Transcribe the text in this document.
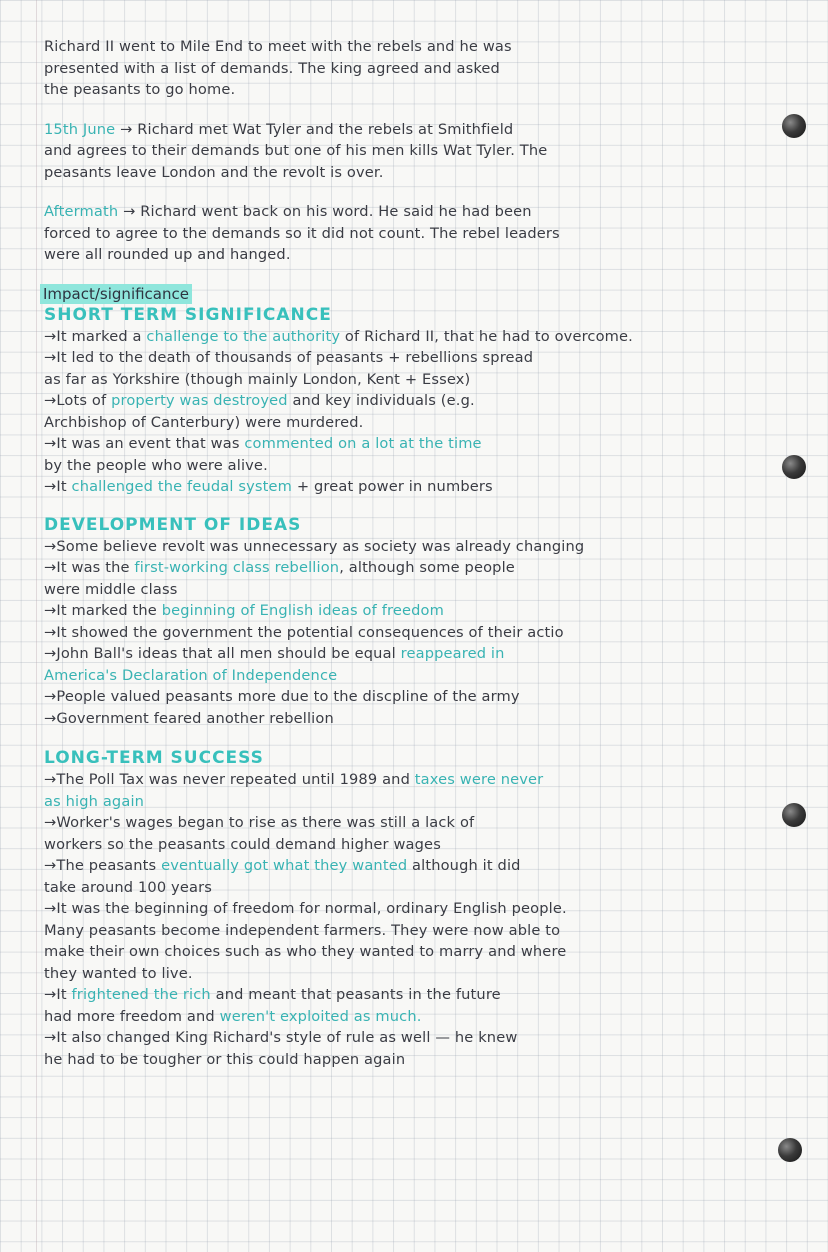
Richard II went to Mile End to meet with the rebels and he was
presented with a list of demands. The king agreed and asked
the peasants to go home.
15th June → Richard met Wat Tyler and the rebels at Smithfield
and agrees to their demands but one of his men kills Wat Tyler. The
peasants leave London and the revolt is over.
Aftermath → Richard went back on his word. He said he had been
forced to agree to the demands so it did not count. The rebel leaders
were all rounded up and hanged.
Impact/significance
SHORT TERM SIGNIFICANCE
→It marked a challenge to the authority of Richard II, that he had to overcome.
→It led to the death of thousands of peasants + rebellions spread
as far as Yorkshire (though mainly London, Kent + Essex)
→Lots of property was destroyed and key individuals (e.g.
Archbishop of Canterbury) were murdered.
→It was an event that was commented on a lot at the time
by the people who were alive.
→It challenged the feudal system + great power in numbers
DEVELOPMENT OF IDEAS
→Some believe revolt was unnecessary as society was already changing
→It was the first-working class rebellion, although some people
were middle class
→It marked the beginning of English ideas of freedom
→It showed the government the potential consequences of their actio
→John Ball's ideas that all men should be equal reappeared in
America's Declaration of Independence
→People valued peasants more due to the discpline of the army
→Government feared another rebellion
LONG-TERM SUCCESS
→The Poll Tax was never repeated until 1989 and taxes were never
as high again
→Worker's wages began to rise as there was still a lack of
workers so the peasants could demand higher wages
→The peasants eventually got what they wanted although it did
take around 100 years
→It was the beginning of freedom for normal, ordinary English people.
Many peasants become independent farmers. They were now able to
make their own choices such as who they wanted to marry and where
they wanted to live.
→It frightened the rich and meant that peasants in the future
had more freedom and weren't exploited as much.
→It also changed King Richard's style of rule as well — he knew
he had to be tougher or this could happen again
